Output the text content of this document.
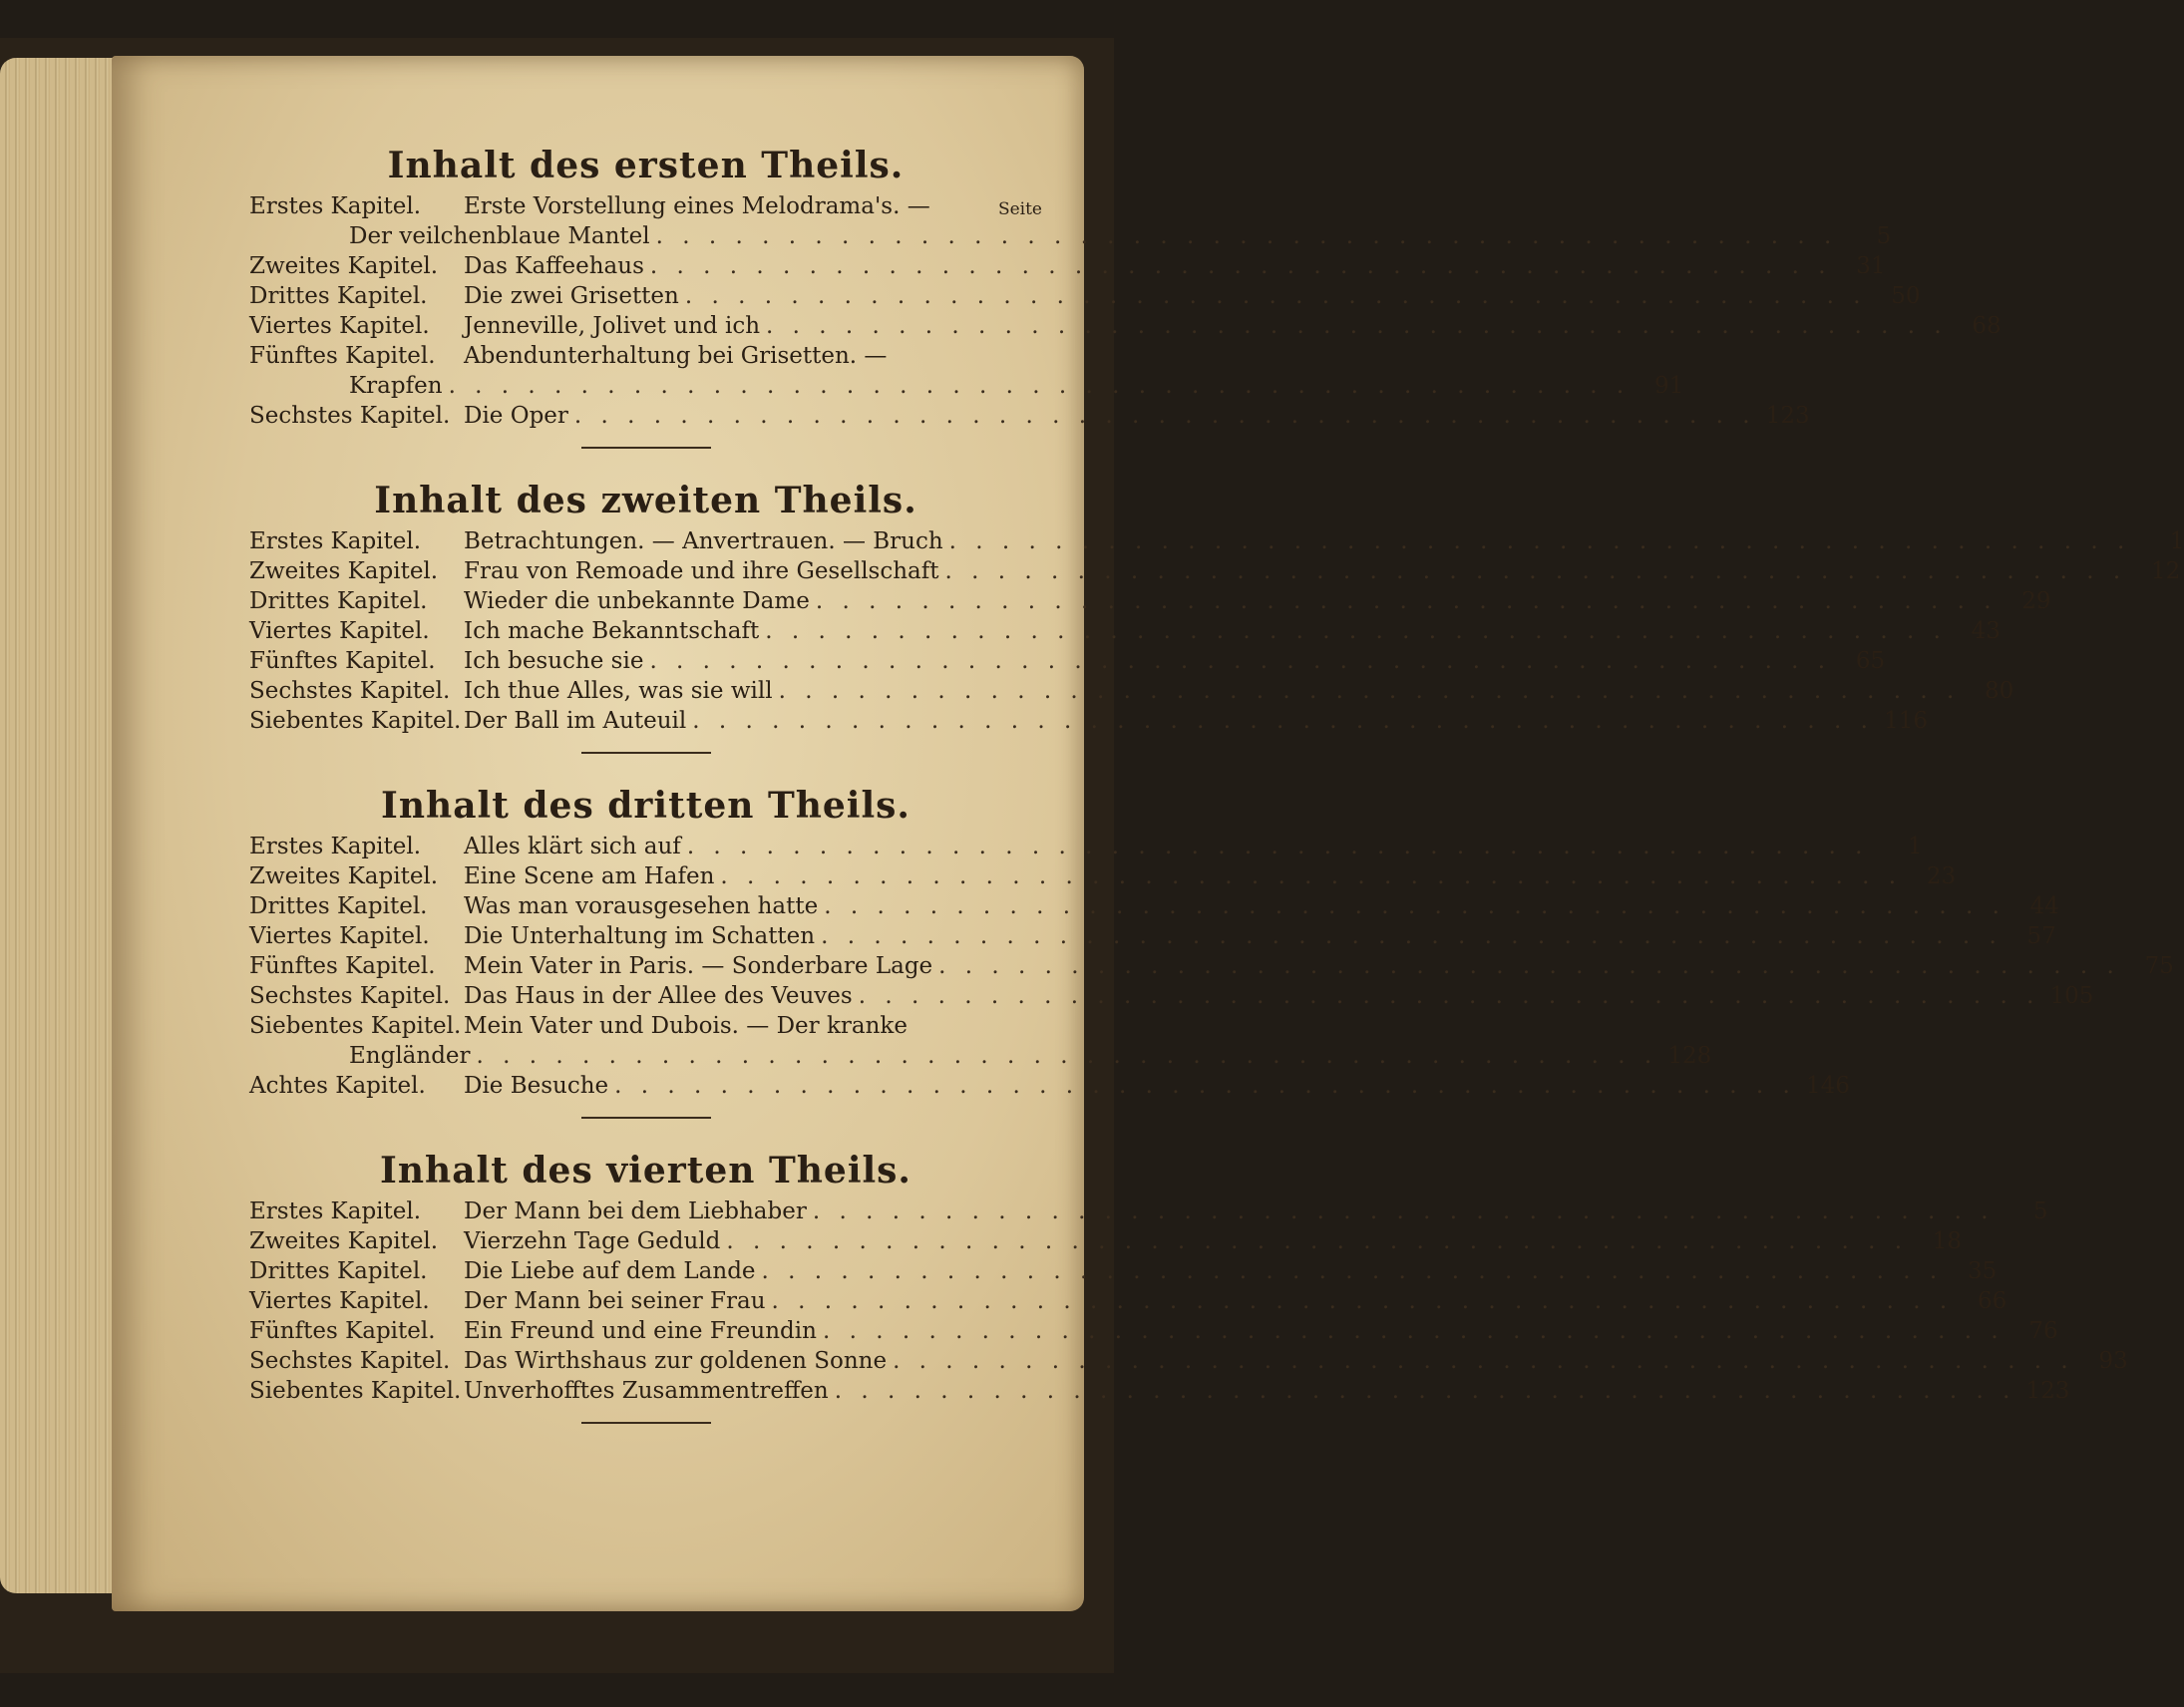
Inhalt des ersten Theils.
Seite
Erstes Kapitel.	Erste Vorstellung eines Melodrama's. —
Der veilchenblaue Mantel . . .	5
Zweites Kapitel.	Das Kaffeehaus . . .	31
Drittes Kapitel.	Die zwei Grisetten . . .	50
Viertes Kapitel.	Jenneville, Jolivet und ich . . .	68
Fünftes Kapitel.	Abendunterhaltung bei Grisetten. —
Krapfen . . .	91
Sechstes Kapitel. Die Oper . . .	123
Inhalt des zweiten Theils.
Erstes Kapitel.	Betrachtungen. — Anvertrauen. — Bruch . . .	1
Zweites Kapitel.	Frau von Remoade und ihre Gesellschaft . . .	12
Drittes Kapitel.	Wieder die unbekannte Dame . . .	29
Viertes Kapitel.	Ich mache Bekanntschaft . . .	43
Fünftes Kapitel.	Ich besuche sie . . .	65
Sechstes Kapitel. Ich thue Alles, was sie will . . .	80
Siebentes Kapitel. Der Ball im Auteuil . . .	116
Inhalt des dritten Theils.
Erstes Kapitel.	Alles klärt sich auf . . .	1
Zweites Kapitel.	Eine Scene am Hafen . . .	23
Drittes Kapitel.	Was man vorausgesehen hatte . . .	44
Viertes Kapitel.	Die Unterhaltung im Schatten . . .	57
Fünftes Kapitel.	Mein Vater in Paris. — Sonderbare Lage . . .	75
Sechstes Kapitel. Das Haus in der Allee des Veuves . . .	105
Siebentes Kapitel. Mein Vater und Dubois. — Der kranke
Engländer . . .	128
Achtes Kapitel.	Die Besuche . . .	146
Inhalt des vierten Theils.
Erstes Kapitel.	Der Mann bei dem Liebhaber . . .	5
Zweites Kapitel.	Vierzehn Tage Geduld . . .	18
Drittes Kapitel.	Die Liebe auf dem Lande . . .	35
Viertes Kapitel.	Der Mann bei seiner Frau . . .	66
Fünftes Kapitel.	Ein Freund und eine Freundin . . .	76
Sechstes Kapitel. Das Wirthshaus zur goldenen Sonne . . .	93
Siebentes Kapitel. Unverhofftes Zusammentreffen . . .	123
